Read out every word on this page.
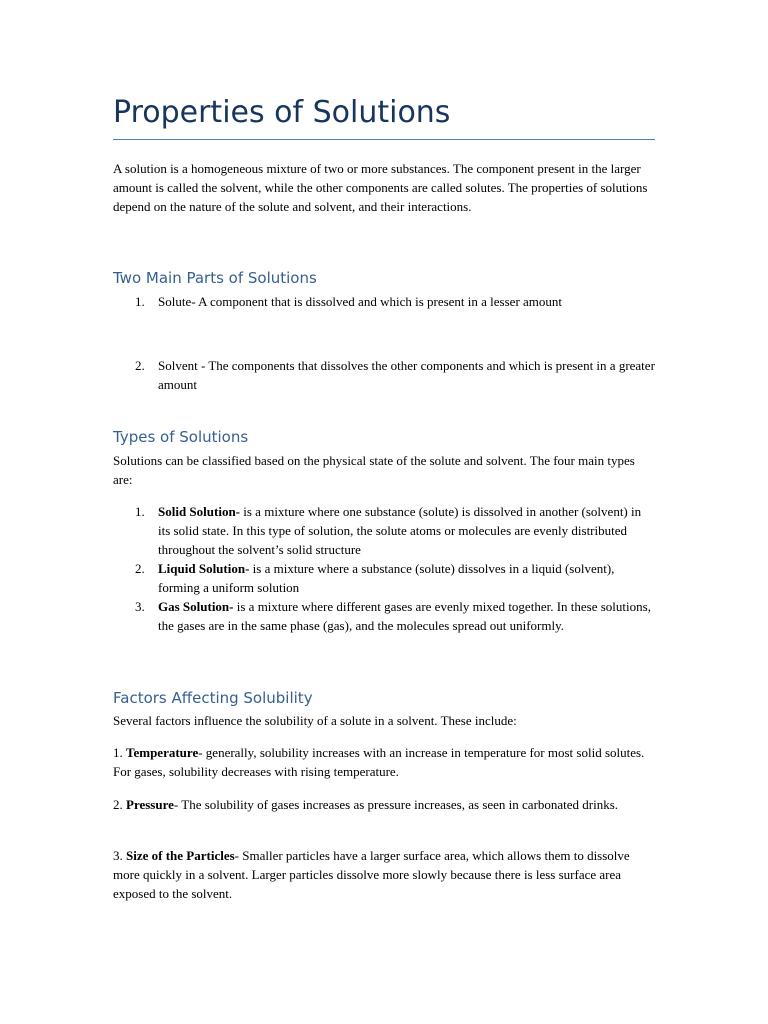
Properties of Solutions

A solution is a homogeneous mixture of two or more substances. The component present in the larger amount is called the solvent, while the other components are called solutes. The properties of solutions depend on the nature of the solute and solvent, and their interactions.

Two Main Parts of Solutions
1. Solute- A component that is dissolved and which is present in a lesser amount
2. Solvent - The components that dissolves the other components and which is present in a greater amount
Types of Solutions

Solutions can be classified based on the physical state of the solute and solvent. The four main types are:

1. Solid Solution- is a mixture where one substance (solute) is dissolved in another (solvent) in its solid state. In this type of solution, the solute atoms or molecules are evenly distributed throughout the solvent’s solid structure
2. Liquid Solution- is a mixture where a substance (solute) dissolves in a liquid (solvent), forming a uniform solution
3. Gas Solution- is a mixture where different gases are evenly mixed together. In these solutions, the gases are in the same phase (gas), and the molecules spread out uniformly.
Factors Affecting Solubility

Several factors influence the solubility of a solute in a solvent. These include:

1. Temperature- generally, solubility increases with an increase in temperature for most solid solutes. For gases, solubility decreases with rising temperature.

2. Pressure- The solubility of gases increases as pressure increases, as seen in carbonated drinks.

3. Size of the Particles- Smaller particles have a larger surface area, which allows them to dissolve more quickly in a solvent. Larger particles dissolve more slowly because there is less surface area exposed to the solvent.
